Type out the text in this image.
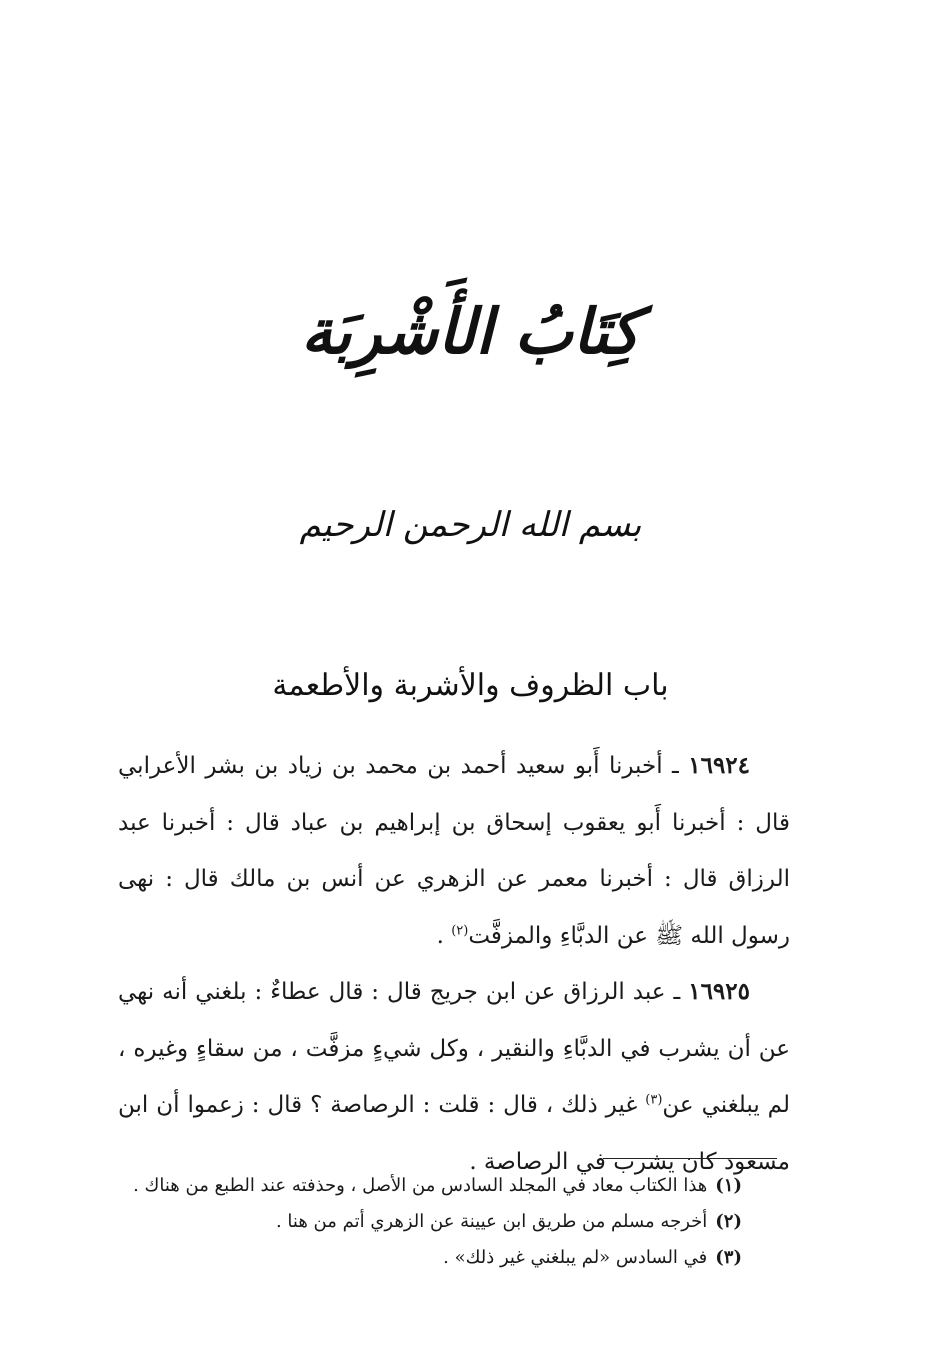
كِتَابُ الأَشْرِبَة
بسم الله الرحمن الرحيم
باب الظروف والأشربة والأطعمة

١٦٩٢٤ ـ أخبرنا أَبو سعيد أحمد بن محمد بن زياد بن بشر الأعرابي قال : أخبرنا أَبو يعقوب إسحاق بن إبراهيم بن عباد قال : أخبرنا عبد الرزاق قال : أخبرنا معمر عن الزهري عن أنس بن مالك قال : نهى رسول الله ﷺ عن الدبَّاءِ والمزفَّت$^{(٢)}$ .

١٦٩٢٥ ـ عبد الرزاق عن ابن جريج قال : قال عطاءٌ : بلغني أنه نهي عن أن يشرب في الدبَّاءِ والنقير ، وكل شيءٍ مزفَّت ، من سقاءٍ وغيره ، لم يبلغني عن$^{(٣)}$ غير ذلك ، قال : قلت : الرصاصة ؟ قال : زعموا أن ابن مسعود كان يشرب في الرصاصة .

(١)هذا الكتاب معاد في المجلد السادس من الأصل ، وحذفته عند الطبع من هناك .
(٢)أخرجه مسلم من طريق ابن عيينة عن الزهري أتم من هنا .
(٣)في السادس «لم يبلغني غير ذلك» .
